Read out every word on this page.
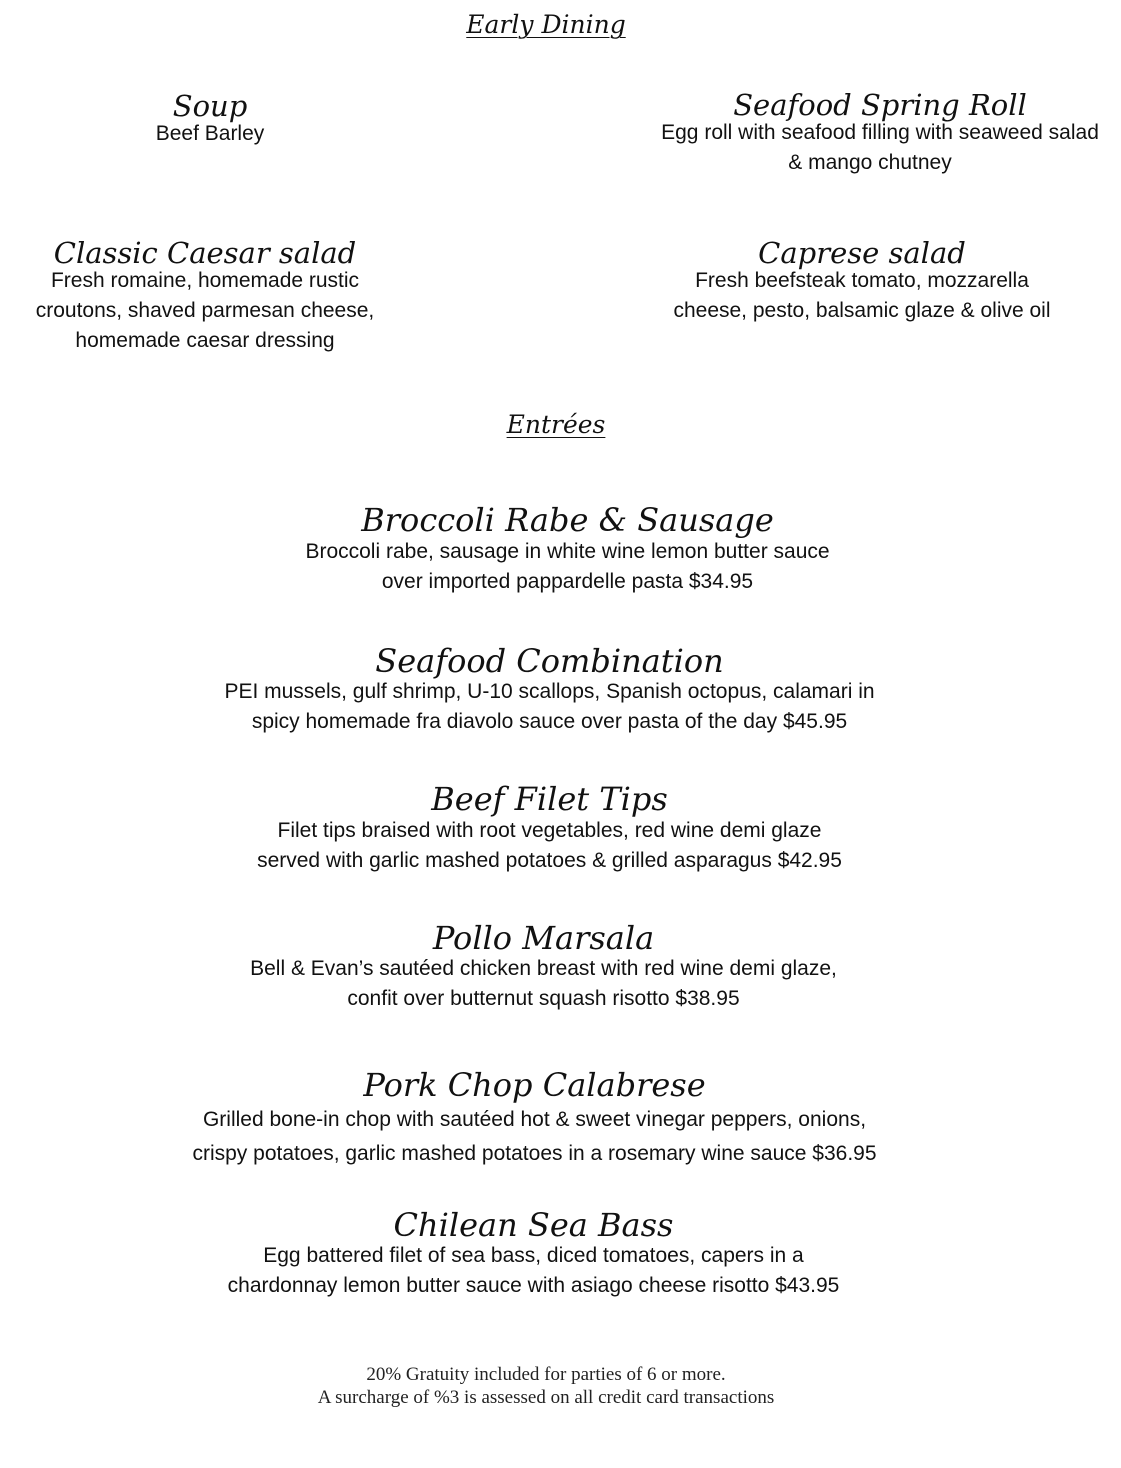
Early Dining
Soup
Beef Barley
Seafood Spring Roll
Egg roll with seafood filling with seaweed salad
& mango chutney
Classic Caesar salad
Fresh romaine, homemade rustic
croutons, shaved parmesan cheese,
homemade caesar dressing
Caprese salad
Fresh beefsteak tomato, mozzarella
cheese, pesto, balsamic glaze & olive oil
Entrées
Broccoli Rabe & Sausage
Broccoli rabe, sausage in white wine lemon butter sauce
over imported pappardelle pasta $34.95
Seafood Combination
PEI mussels, gulf shrimp, U-10 scallops, Spanish octopus, calamari in
spicy homemade fra diavolo sauce over pasta of the day $45.95
Beef Filet Tips
Filet tips braised with root vegetables, red wine demi glaze
served with garlic mashed potatoes & grilled asparagus $42.95
Pollo Marsala
Bell & Evan’s sautéed chicken breast with red wine demi glaze,
confit over butternut squash risotto $38.95
Pork Chop Calabrese
Grilled bone-in chop with sautéed hot & sweet vinegar peppers, onions,
crispy potatoes, garlic mashed potatoes in a rosemary wine sauce $36.95
Chilean Sea Bass
Egg battered filet of sea bass, diced tomatoes, capers in a
chardonnay lemon butter sauce with asiago cheese risotto $43.95
20% Gratuity included for parties of 6 or more.
A surcharge of %3 is assessed on all credit card transactions
